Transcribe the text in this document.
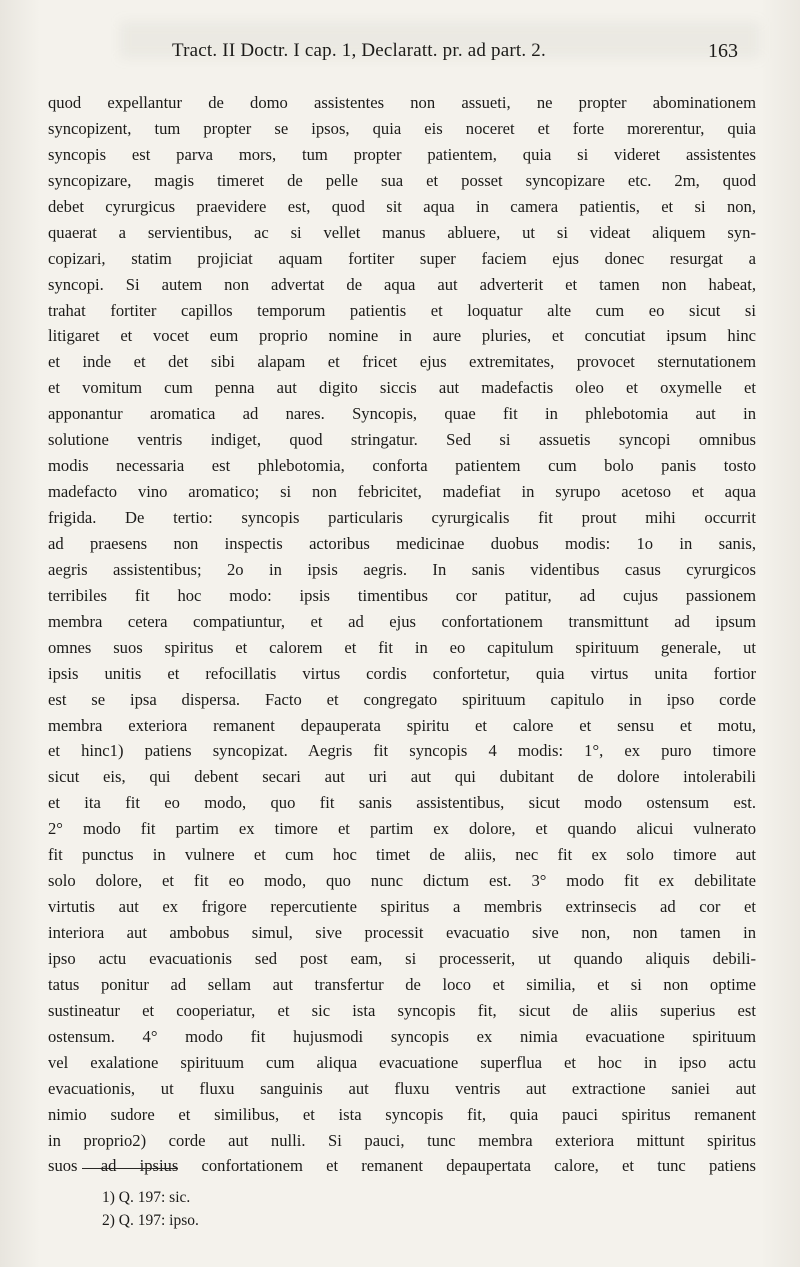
Tract. II Doctr. I cap. 1, Declaratt. pr. ad part. 2.	163
quod expellantur de domo assistentes non assueti, ne propter abominationem
syncopizent, tum propter se ipsos, quia eis noceret et forte morerentur, quia
syncopis est parva mors, tum propter patientem, quia si videret assistentes
syncopizare, magis timeret de pelle sua et posset syncopizare etc. 2m, quod
debet cyrurgicus praevidere est, quod sit aqua in camera patientis, et si non,
quaerat a servientibus, ac si vellet manus abluere, ut si videat aliquem syn-
copizari, statim projiciat aquam fortiter super faciem ejus donec resurgat a
syncopi. Si autem non advertat de aqua aut adverterit et tamen non habeat,
trahat fortiter capillos temporum patientis et loquatur alte cum eo sicut si
litigaret et vocet eum proprio nomine in aure pluries, et concutiat ipsum hinc
et inde et det sibi alapam et fricet ejus extremitates, provocet sternutationem
et vomitum cum penna aut digito siccis aut madefactis oleo et oxymelle et
apponantur aromatica ad nares. Syncopis, quae fit in phlebotomia aut in
solutione ventris indiget, quod stringatur. Sed si assuetis syncopi omnibus
modis necessaria est phlebotomia, conforta patientem cum bolo panis tosto
madefacto vino aromatico; si non febricitet, madefiat in syrupo acetoso et aqua
frigida. De tertio: syncopis particularis cyrurgicalis fit prout mihi occurrit
ad praesens non inspectis actoribus medicinae duobus modis: 1o in sanis,
aegris assistentibus; 2o in ipsis aegris. In sanis videntibus casus cyrurgicos
terribiles fit hoc modo: ipsis timentibus cor patitur, ad cujus passionem
membra cetera compatiuntur, et ad ejus confortationem transmittunt ad ipsum
omnes suos spiritus et calorem et fit in eo capitulum spirituum generale, ut
ipsis unitis et refocillatis virtus cordis confortetur, quia virtus unita fortior
est se ipsa dispersa. Facto et congregato spirituum capitulo in ipso corde
membra exteriora remanent depauperata spiritu et calore et sensu et motu,
et hinc1) patiens syncopizat. Aegris fit syncopis 4 modis: 1°, ex puro timore
sicut eis, qui debent secari aut uri aut qui dubitant de dolore intolerabili
et ita fit eo modo, quo fit sanis assistentibus, sicut modo ostensum est.
2° modo fit partim ex timore et partim ex dolore, et quando alicui vulnerato
fit punctus in vulnere et cum hoc timet de aliis, nec fit ex solo timore aut
solo dolore, et fit eo modo, quo nunc dictum est. 3° modo fit ex debilitate
virtutis aut ex frigore repercutiente spiritus a membris extrinsecis ad cor et
interiora aut ambobus simul, sive processit evacuatio sive non, non tamen in
ipso actu evacuationis sed post eam, si processerit, ut quando aliquis debili-
tatus ponitur ad sellam aut transfertur de loco et similia, et si non optime
sustineatur et cooperiatur, et sic ista syncopis fit, sicut de aliis superius est
ostensum. 4° modo fit hujusmodi syncopis ex nimia evacuatione spirituum
vel exalatione spirituum cum aliqua evacuatione superflua et hoc in ipso actu
evacuationis, ut fluxu sanguinis aut fluxu ventris aut extractione saniei aut
nimio sudore et similibus, et ista syncopis fit, quia pauci spiritus remanent
in proprio2) corde aut nulli. Si pauci, tunc membra exteriora mittunt spiritus
suos ad ipsius confortationem et remanent depaupertata calore, et tunc patiens
1) Q. 197: sic.
2) Q. 197: ipso.
